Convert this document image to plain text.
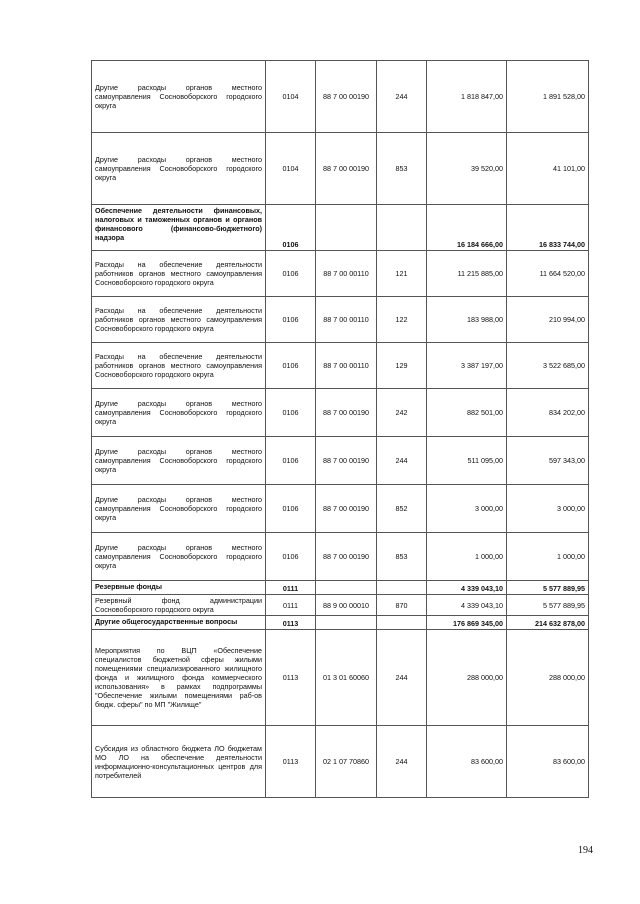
Другие расходы органов местного самоуправления Сосновоборского городского округа	0104	88 7 00 00190	244	1 818 847,00	1 891 528,00
Другие расходы органов местного самоуправления Сосновоборского городского округа	0104	88 7 00 00190	853	39 520,00	41 101,00
Обеспечение деятельности финансовых, налоговых и таможенных органов и органов финансового (финансово-бюджетного) надзора	0106			16 184 666,00	16 833 744,00
Расходы на обеспечение деятельности работников органов местного самоуправления Сосновоборского городского округа	0106	88 7 00 00110	121	11 215 885,00	11 664 520,00
Расходы на обеспечение деятельности работников органов местного самоуправления Сосновоборского городского округа	0106	88 7 00 00110	122	183 988,00	210 994,00
Расходы на обеспечение деятельности работников органов местного самоуправления Сосновоборского городского округа	0106	88 7 00 00110	129	3 387 197,00	3 522 685,00
Другие расходы органов местного самоуправления Сосновоборского городского округа	0106	88 7 00 00190	242	882 501,00	834 202,00
Другие расходы органов местного самоуправления Сосновоборского городского округа	0106	88 7 00 00190	244	511 095,00	597 343,00
Другие расходы органов местного самоуправления Сосновоборского городского округа	0106	88 7 00 00190	852	3 000,00	3 000,00
Другие расходы органов местного самоуправления Сосновоборского городского округа	0106	88 7 00 00190	853	1 000,00	1 000,00
Резервные фонды	0111			4 339 043,10	5 577 889,95
Резервный фонд администрации Сосновоборского городского округа	0111	88 9 00 00010	870	4 339 043,10	5 577 889,95
Другие общегосударственные вопросы	0113			176 869 345,00	214 632 878,00
Мероприятия по ВЦП «Обеспечение специалистов бюджетной сферы жилыми помещениями специализированного жилищного фонда и жилищного фонда коммерческого использования» в рамках подпрограммы "Обеспечение жилыми помещениями раб-ов бюдж. сферы" по МП "Жилище"	0113	01 3 01 60060	244	288 000,00	288 000,00
Субсидия из областного бюджета ЛО бюджетам МО ЛО на обеспечение деятельности информационно-консультационных центров для потребителей	0113	02 1 07 70860	244	83 600,00	83 600,00
194
